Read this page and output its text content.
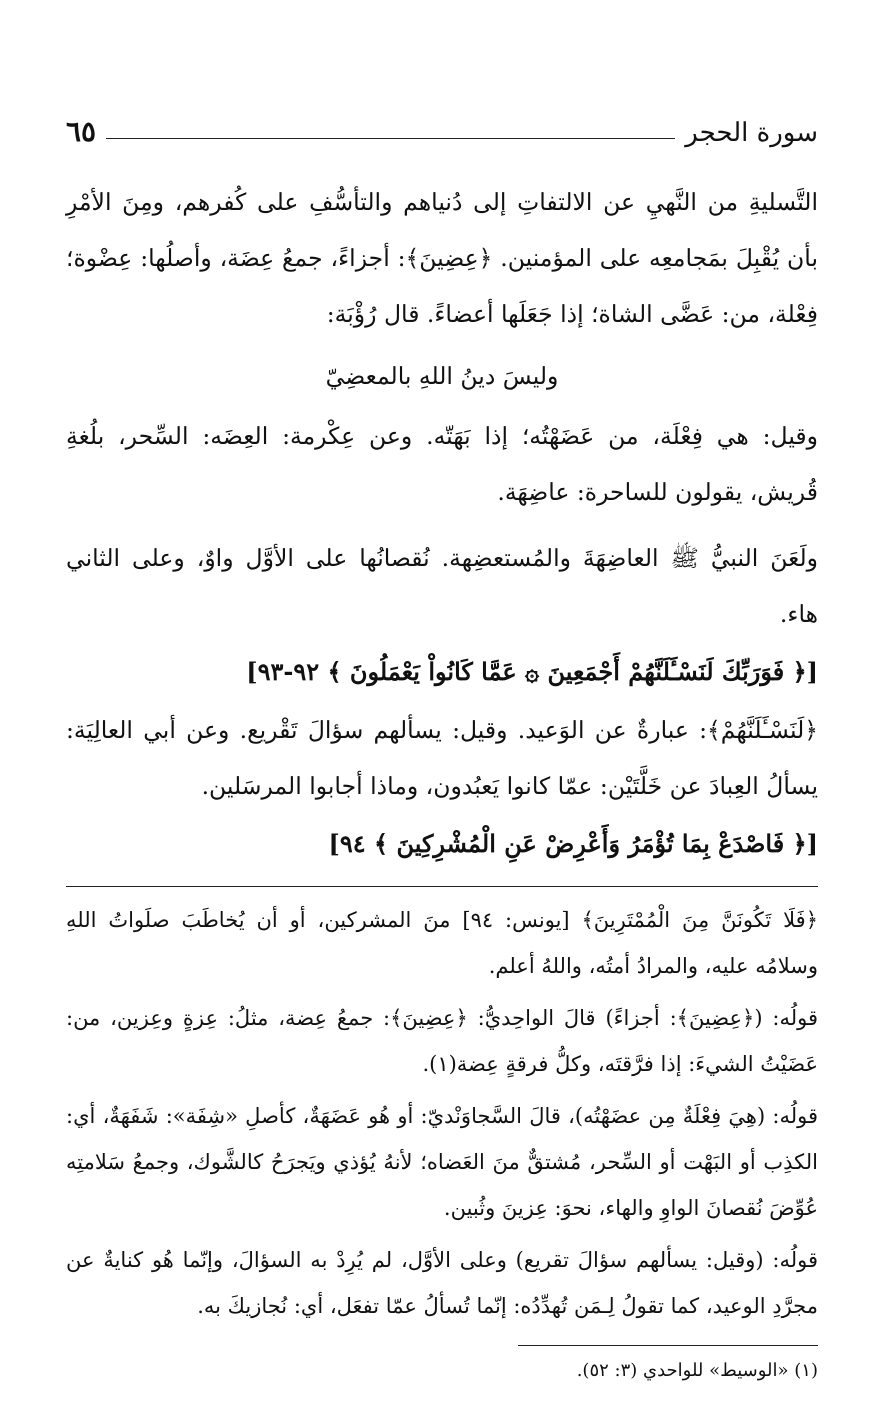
سورة الحجر
٦٥

التَّسليةِ من النَّهيِ عن الالتفاتِ إلى دُنياهم والتأسُّفِ على كُفرهم، ومِنَ الأمْرِ بأن يُقْبِلَ بمَجامعِه على المؤمنين. ﴿عِضِينَ﴾: أجزاءً، جمعُ عِضَة، وأصلُها: عِضْوة؛ فِعْلة، من: عَضَّى الشاة؛ إذا جَعَلَها أعضاءً. قال رُؤْبَة:

وليسَ دينُ اللهِ بالمعضِيّ

وقيل: هي فِعْلَة، من عَضَهْتُه؛ إذا بَهَتّه. وعن عِكْرمة: العِضَه: السِّحر، بلُغةِ قُريش، يقولون للساحرة: عاضِهَة.

ولَعَنَ النبيُّ ﷺ العاضِهَةَ والمُستعضِهة. نُقصانُها على الأوَّل واوٌ، وعلى الثاني هاء.

[﴿ فَوَرَبِّكَ لَنَسْـَٔلَنَّهُمْ أَجْمَعِينَ ۞ عَمَّا كَانُواْ يَعْمَلُونَ ﴾ ٩٢-٩٣]

﴿لَنَسْـَٔلَنَّهُمْ﴾: عبارةٌ عن الوَعيد. وقيل: يسألهم سؤالَ تَقْريع. وعن أبي العالِيَة: يسألُ العِبادَ عن خَلَّتَيْن: عمّا كانوا يَعبُدون، وماذا أجابوا المرسَلين.

[﴿ فَاصْدَعْ بِمَا تُؤْمَرُ وَأَعْرِضْ عَنِ الْمُشْرِكِينَ ﴾ ٩٤]

﴿فَلَا تَكُونَنَّ مِنَ الْمُمْتَرِينَ﴾ [يونس: ٩٤] منَ المشركين، أو أن يُخاطَبَ صلَواتُ اللهِ وسلامُه عليه، والمرادُ أمتُه، واللهُ أعلم.

قولُه: (﴿عِضِينَ﴾: أجزاءً) قالَ الواحِديُّ: ﴿عِضِينَ﴾: جمعُ عِضة، مثلُ: عِزةٍ وعِزين، من: عَضَيْتُ الشيءَ: إذا فرَّقتَه، وكلُّ فرقةٍ عِضة(١).

قولُه: (هِيَ فِعْلَةٌ مِن عضَهْتُه)، قالَ السَّجاوَنْديّ: أو هُو عَضَهَةٌ، كأصلِ «شِفَة»: شَفَهَةٌ، أي: الكذِب أو البَهْت أو السِّحر، مُشتقٌّ منَ العَضاه؛ لأنهُ يُؤذي ويَجرَحُ كالشَّوك، وجمعُ سَلامتِه عُوِّضَ نُقصانَ الواوِ والهاء، نحوَ: عِزينَ وثُبين.

قولُه: (وقيل: يسألهم سؤالَ تقريع) وعلى الأوَّل، لم يُرِدْ به السؤالَ، وإنّما هُو كنايةٌ عن مجرَّدِ الوعيد، كما تقولُ لِـمَن تُهدِّدُه: إنّما تُسألُ عمّا تفعَل، أي: نُجازيكَ به.

(١) «الوسيط» للواحدي (٣: ٥٢).
